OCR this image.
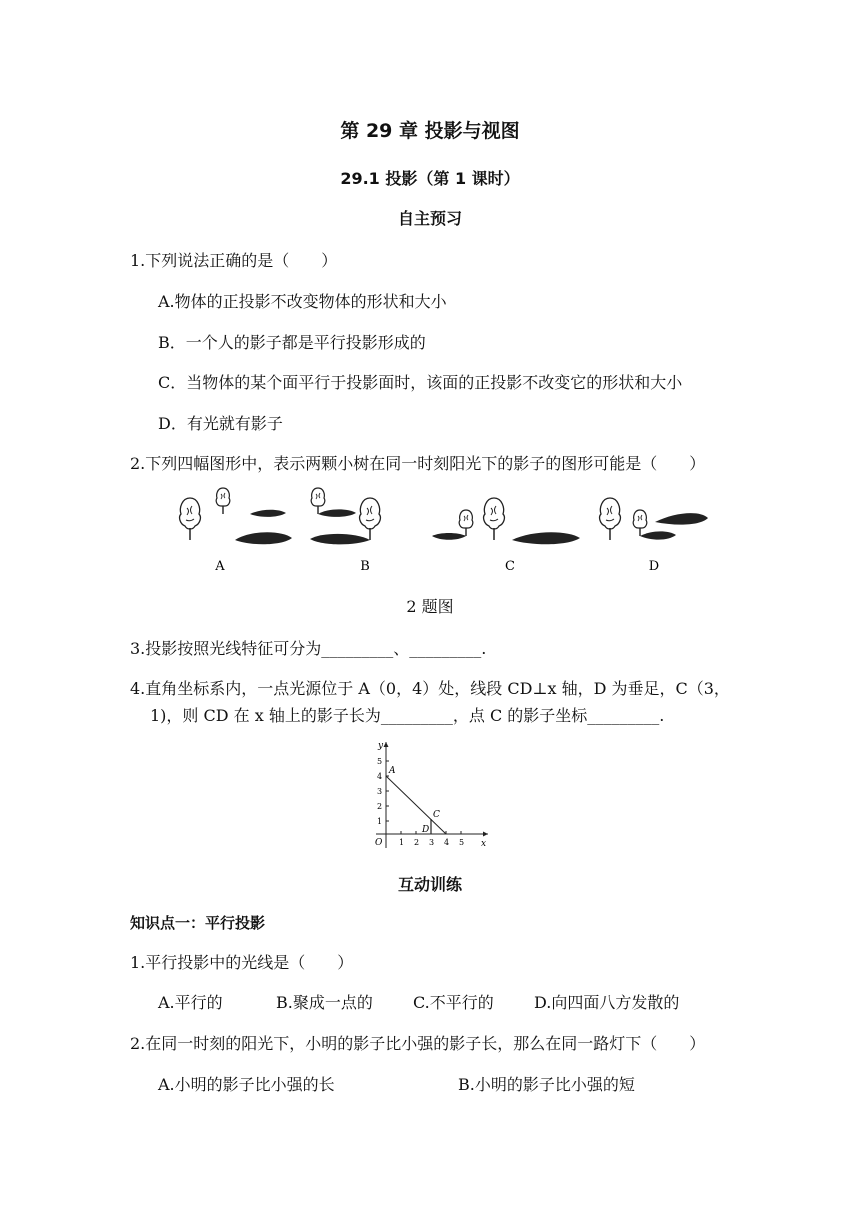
第 29 章 投影与视图
29.1 投影（第 1 课时）
自主预习
1.下列说法正确的是（　　）
A.物体的正投影不改变物体的形状和大小
B．一个人的影子都是平行投影形成的
C．当物体的某个面平行于投影面时，该面的正投影不改变它的形状和大小
D．有光就有影子
2.下列四幅图形中，表示两颗小树在同一时刻阳光下的影子的图形可能是（　　）
A	B	C	D
2 题图
3.投影按照光线特征可分为_________、_________.
4.直角坐标系内，一点光源位于 A（0，4）处，线段 CD⊥x 轴，D 为垂足，C（3，
1)，则 CD 在 x 轴上的影子长为_________，点 C 的影子坐标_________.
y
x
O
1
2
3
4
5
1 2 3 4 5
A
C
D
互动训练
知识点一：平行投影
1.平行投影中的光线是（　　）
A.平行的	B.聚成一点的	C.不平行的	D.向四面八方发散的
2.在同一时刻的阳光下，小明的影子比小强的影子长，那么在同一路灯下（　　）
A.小明的影子比小强的长	B.小明的影子比小强的短
